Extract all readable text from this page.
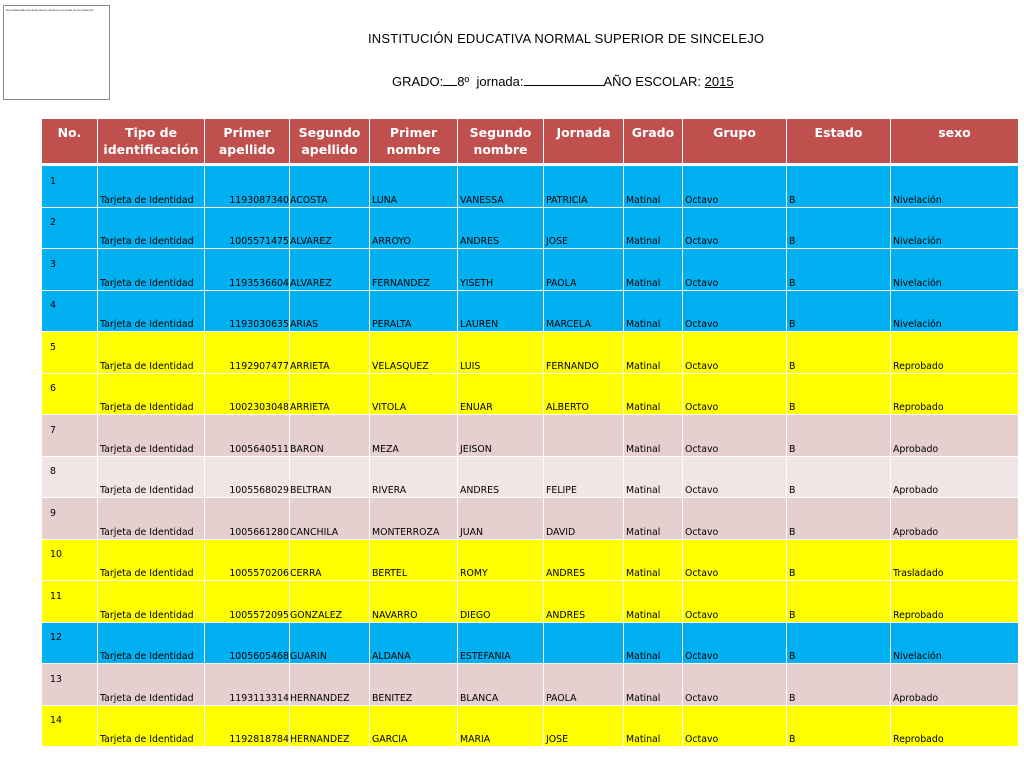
El encabezado del documento contiene el escudo de la institución
INSTITUCIÓN EDUCATIVA NORMAL SUPERIOR DE SINCELEJO
GRADO: 8º jornada:	AÑO ESCOLAR: 2015
No.	Tipo de identificación	Primer apellido	Segundo apellido	Primer nombre	Segundo nombre	Jornada	Grado	Grupo	Estado	sexo

1	Tarjeta de Identidad	1193087340	ACOSTA	LUNA	VANESSA	PATRICIA	Matinal	Octavo	B	Nivelación
2	Tarjeta de Identidad	1005571475	ALVAREZ	ARROYO	ANDRES	JOSE	Matinal	Octavo	B	Nivelación
3	Tarjeta de Identidad	1193536604	ALVAREZ	FERNANDEZ	YISETH	PAOLA	Matinal	Octavo	B	Nivelación
4	Tarjeta de Identidad	1193030635	ARIAS	PERALTA	LAUREN	MARCELA	Matinal	Octavo	B	Nivelación
5	Tarjeta de Identidad	1192907477	ARRIETA	VELASQUEZ	LUIS	FERNANDO	Matinal	Octavo	B	Reprobado
6	Tarjeta de Identidad	1002303048	ARRIETA	VITOLA	ENUAR	ALBERTO	Matinal	Octavo	B	Reprobado
7	Tarjeta de Identidad	1005640511	BARON	MEZA	JEISON		Matinal	Octavo	B	Aprobado
8	Tarjeta de Identidad	1005568029	BELTRAN	RIVERA	ANDRES	FELIPE	Matinal	Octavo	B	Aprobado
9	Tarjeta de Identidad	1005661280	CANCHILA	MONTERROZA	JUAN	DAVID	Matinal	Octavo	B	Aprobado
10	Tarjeta de Identidad	1005570206	CERRA	BERTEL	ROMY	ANDRES	Matinal	Octavo	B	Trasladado
11	Tarjeta de Identidad	1005572095	GONZALEZ	NAVARRO	DIEGO	ANDRES	Matinal	Octavo	B	Reprobado
12	Tarjeta de Identidad	1005605468	GUARIN	ALDANA	ESTEFANIA		Matinal	Octavo	B	Nivelación
13	Tarjeta de Identidad	1193113314	HERNANDEZ	BENITEZ	BLANCA	PAOLA	Matinal	Octavo	B	Aprobado
14	Tarjeta de Identidad	1192818784	HERNANDEZ	GARCIA	MARIA	JOSE	Matinal	Octavo	B	Reprobado
